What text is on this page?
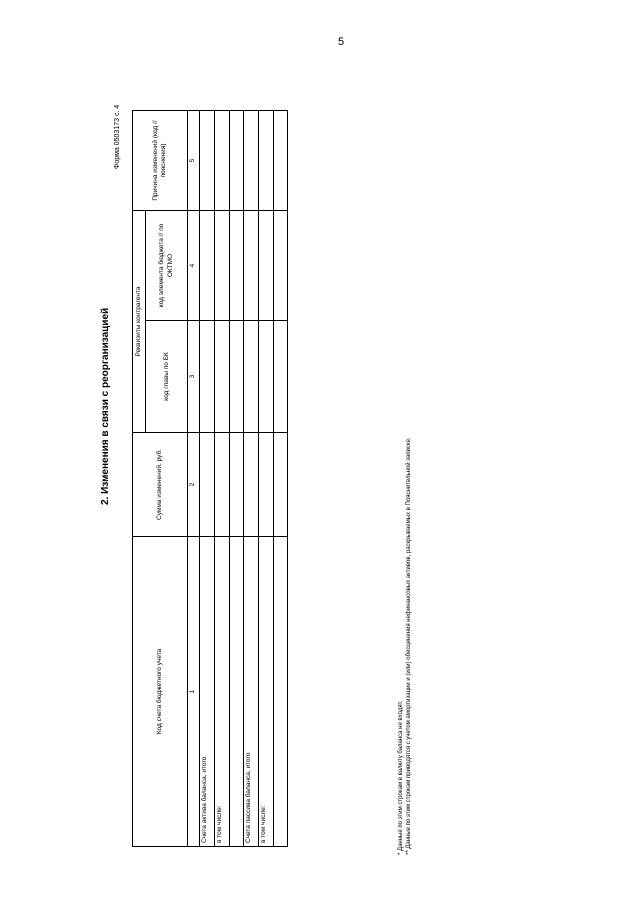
5
2. Изменения в связи с реорганизацией
Форма 0503173 с. 4
Код счета бюджетного учета	Сумма изменений, руб.	Реквизиты контрагента		Причина изменений (код // пояснения)
		код главы по БК	код элемента бюджета // по ОКТМО	
1	2	3	4	5
Счета актива баланса, итого				
в том числе:				

Счета пассива баланса, итого				
в том числе:				
					* Данные по этим строкам в валюту баланса не входят. ** Данные по этим строкам приводятся с учетом амортизации и (или) обесценения нефинансовых активов, раскрываемых в Пояснительной записке.
